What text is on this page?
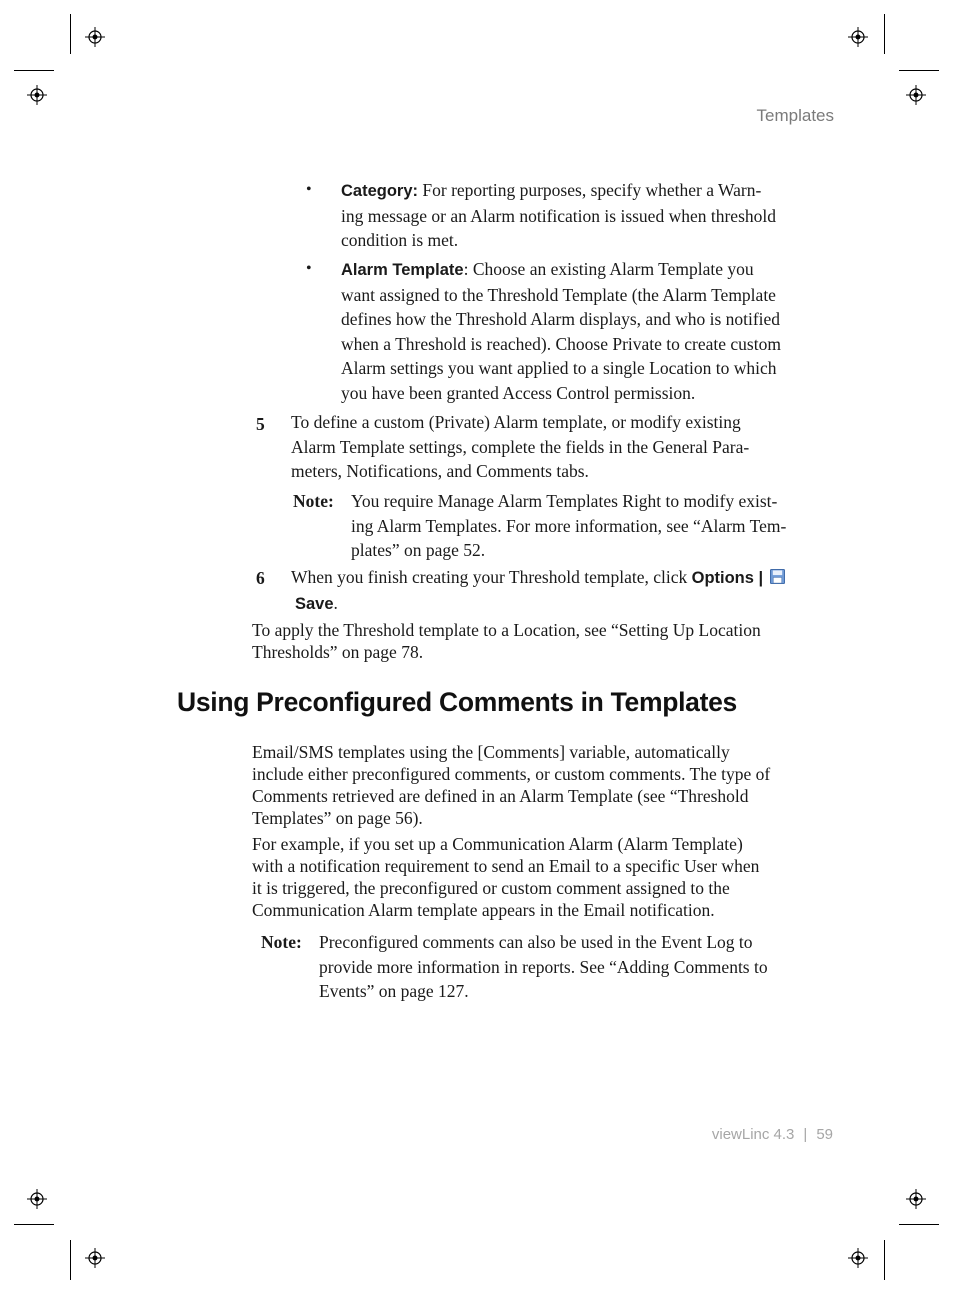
Templates
• Category: For reporting purposes, specify whether a Warn-
ing message or an Alarm notification is issued when threshold
condition is met.
• Alarm Template: Choose an existing Alarm Template you
want assigned to the Threshold Template (the Alarm Template
defines how the Threshold Alarm displays, and who is notified
when a Threshold is reached). Choose Private to create custom
Alarm settings you want applied to a single Location to which
you have been granted Access Control permission.
5 To define a custom (Private) Alarm template, or modify existing
Alarm Template settings, complete the fields in the General Para-
meters, Notifications, and Comments tabs.
Note: You require Manage Alarm Templates Right to modify exist-
ing Alarm Templates. For more information, see “Alarm Tem-
plates” on page 52.
6 When you finish creating your Threshold template, click Options |
Save.
To apply the Threshold template to a Location, see “Setting Up Location
Thresholds” on page 78.
Using Preconfigured Comments in Templates
Email/SMS templates using the [Comments] variable, automatically
include either preconfigured comments, or custom comments. The type of
Comments retrieved are defined in an Alarm Template (see “Threshold
Templates” on page 56).
For example, if you set up a Communication Alarm (Alarm Template)
with a notification requirement to send an Email to a specific User when
it is triggered, the preconfigured or custom comment assigned to the
Communication Alarm template appears in the Email notification.
Note: Preconfigured comments can also be used in the Event Log to
provide more information in reports. See “Adding Comments to
Events” on page 127.
viewLinc 4.3 | 59
